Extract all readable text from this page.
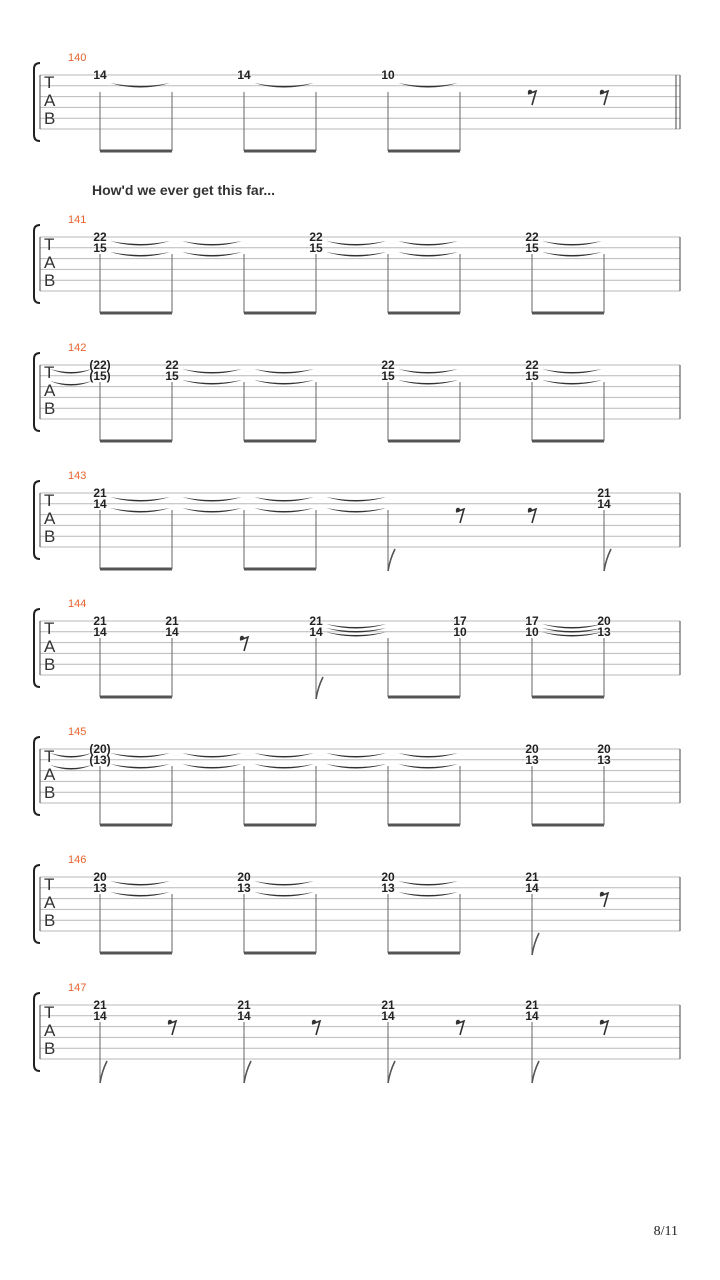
How'd we ever get this far...
140
T
A
B
14	14	10
141
T
A
B
22
15
22
15
22
15
142
T
A
B
(22)
(15)
22
15
22
15
22
15
143
T
A
B
21
14
21
14
144
T
A
B
21
14
21
14
21
14
17
10
17
10
20
13
145
T
A
B
(20)
(13)
20
13
20
13
146
T
A
B
20
13
20
13
20
13
21
14
147
T
A
B
21
14
21
14
21
14
21
14
8/11
